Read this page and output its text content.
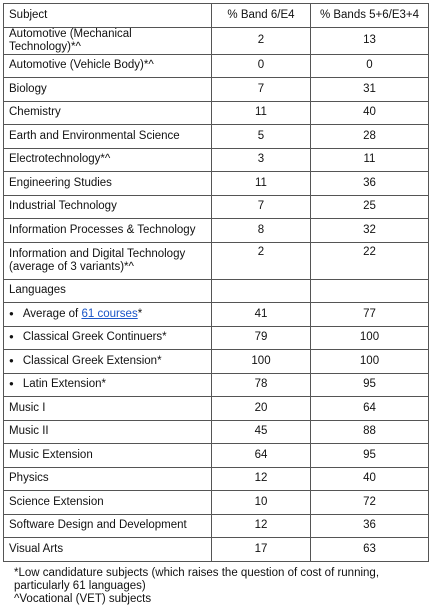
Subject	% Band 6/E4	% Bands 5+6/E3+4
Automotive (Mechanical Technology)*^	2	13
Automotive (Vehicle Body)*^	0	0
Biology	7	31
Chemistry	11	40
Earth and Environmental Science	5	28
Electrotechnology*^	3	11
Engineering Studies	11	36
Industrial Technology	7	25
Information Processes & Technology	8	32
Information and Digital Technology (average of 3 variants)*^	2	22
Languages		
● Average of 61 courses*	41	77
● Classical Greek Continuers*	79	100
● Classical Greek Extension*	100	100
● Latin Extension*	78	95
Music I	20	64
Music II	45	88
Music Extension	64	95
Physics	12	40
Science Extension	10	72
Software Design and Development	12	36
Visual Arts	17	63
*Low candidature subjects (which raises the question of cost of running, particularly 61 languages)
^Vocational (VET) subjects
